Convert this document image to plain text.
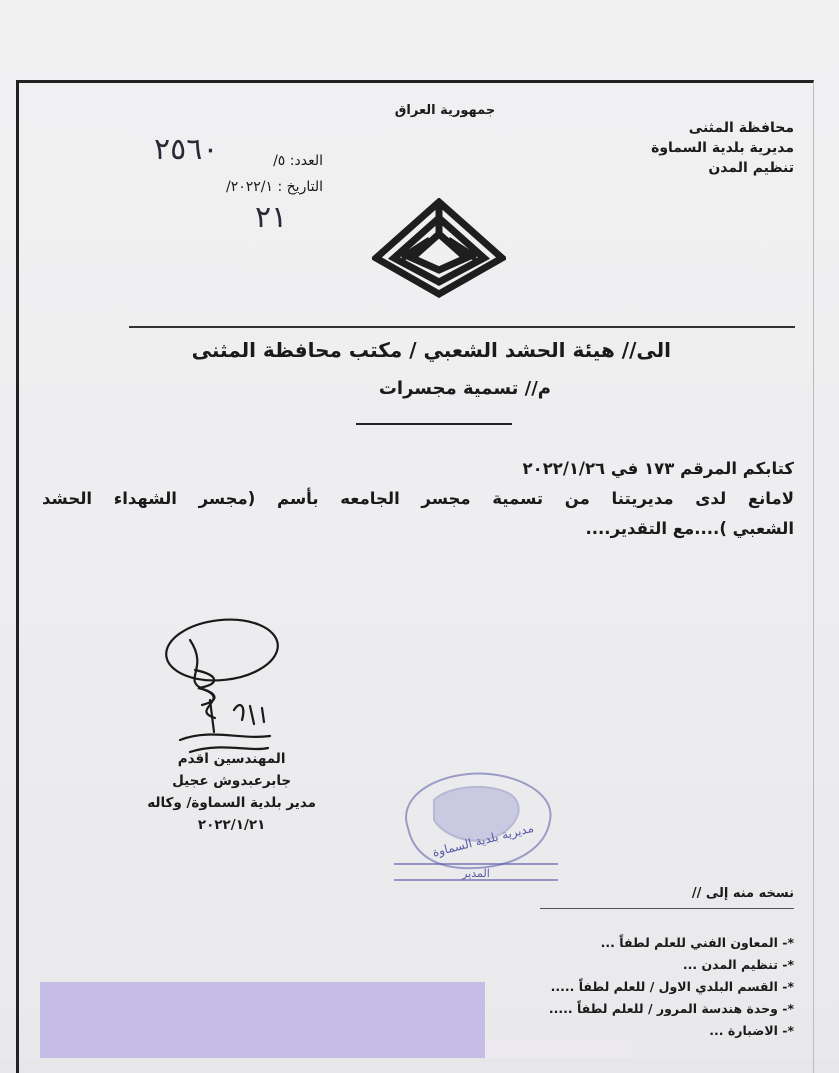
جمهورية العراق
محافظة المثنى
مديرية بلدية السماوة
تنظيم المدن
العدد: ٥/
التاريخ : ٢٠٢٢/١/
٢٥٦٠
٢١
الى// هيئة الحشد الشعبي / مكتب محافظة المثنى
م// تسمية مجسرات
كتابكم المرقم ١٧٣ في ٢٠٢٢/١/٢٦
لامانع لدى مديريتنا من تسمية مجسر الجامعه بأسم (مجسر الشهداء الحشد
الشعبي )....مع التقدير....
المهندسين اقدم
جابرعبدوش عجيل
مدير بلدية السماوة/ وكاله
٢٠٢٢/١/٢١	مديرية بلدية السماوة
المدير
نسخه منه إلى //
*- المعاون الفني للعلم لطفاً ...
*- تنظيم المدن ...
*- القسم البلدي الاول / للعلم لطفاً .....
*- وحدة هندسة المرور / للعلم لطفاً .....
*- الاضبارة ...
